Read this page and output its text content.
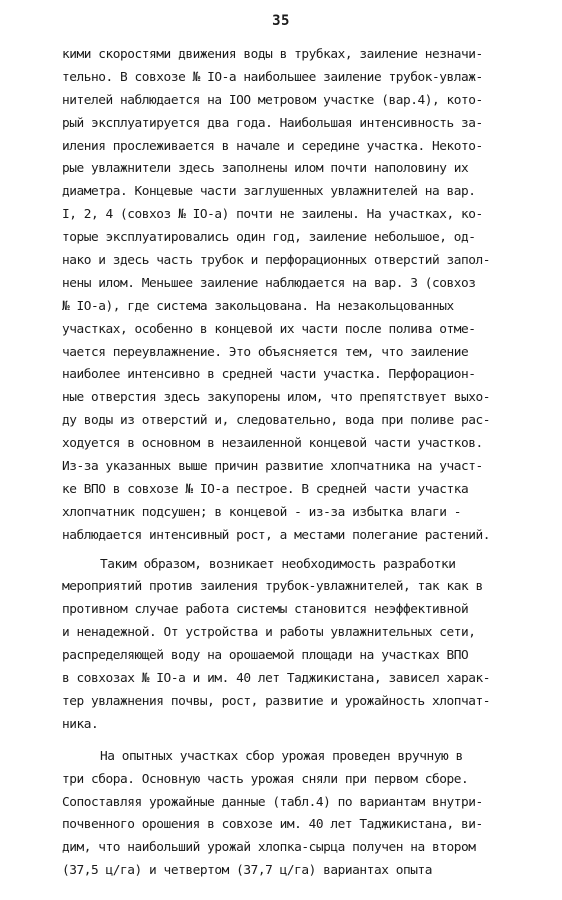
35
кими скоростями движения воды в трубках, заиление незначи-
тельно. В совхозе № IO-а наибольшее заиление трубок-увлаж-
нителей наблюдается на IOO метровом участке (вар.4), кото-
рый эксплуатируется два года. Наибольшая интенсивность за-
иления прослеживается в начале и середине участка. Некото-
рые увлажнители здесь заполнены илом почти наполовину их
диаметра. Концевые части заглушенных увлажнителей на вар.
I, 2, 4 (совхоз № IO-а) почти не заилены. На участках, ко-
торые эксплуатировались один год, заиление небольшое, од-
нако и здесь часть трубок и перфорационных отверстий запол-
нены илом. Меньшее заиление наблюдается на вар. 3 (совхоз
№ IO-а), где система закольцована. На незакольцованных
участках, особенно в концевой их части после полива отме-
чается переувлажнение. Это объясняется тем, что заиление
наиболее интенсивно в средней части участка. Перфорацион-
ные отверстия здесь закупорены илом, что препятствует выхо-
ду воды из отверстий и, следовательно, вода при поливе рас-
ходуется в основном в незаиленной концевой части участков.
Из-за указанных выше причин развитие хлопчатника на участ-
ке ВПО в совхозе № IO-а пестрое. В средней части участка
хлопчатник подсушен; в концевой - из-за избытка влаги -
наблюдается интенсивный рост, а местами полегание растений.
Таким образом, возникает необходимость разработки
мероприятий против заиления трубок-увлажнителей, так как в
противном случае работа системы становится неэффективной
и ненадежной. От устройства и работы увлажнительных сети,
распределяющей воду на орошаемой площади на участках ВПО
в совхозах № IO-а и им. 40 лет Таджикистана, зависел харак-
тер увлажнения почвы, рост, развитие и урожайность хлопчат-
ника.
На опытных участках сбор урожая проведен вручную в
три сбора. Основную часть урожая сняли при первом сборе.
Сопоставляя урожайные данные (табл.4) по вариантам внутри-
почвенного орошения в совхозе им. 40 лет Таджикистана, ви-
дим, что наибольший урожай хлопка-сырца получен на втором
(37,5 ц/га) и четвертом (37,7 ц/га) вариантах опыта
